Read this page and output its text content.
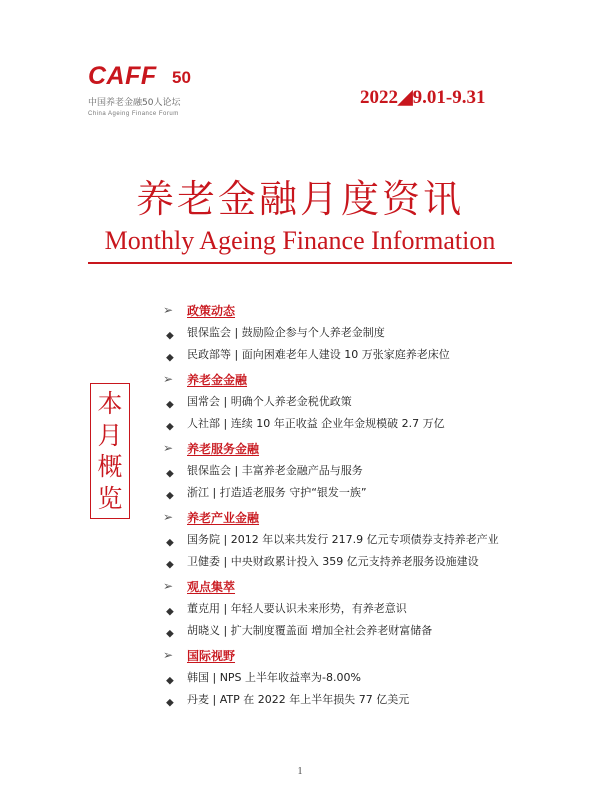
CAFF 50
中国养老金融50人论坛
China Ageing Finance Forum
2022◢9.01-9.31
养老金融月度资讯
Monthly Ageing Finance Information
本
月
概
览
➢	政策动态
◆ 银保监会 | 鼓励险企参与个人养老金制度
◆ 民政部等 | 面向困难老年人建设 10 万张家庭养老床位
➢	养老金金融
◆ 国常会 | 明确个人养老金税优政策
◆ 人社部 | 连续 10 年正收益 企业年金规模破 2.7 万亿
➢	养老服务金融
◆ 银保监会 | 丰富养老金融产品与服务
◆ 浙江 | 打造适老服务 守护“银发一族”
➢	养老产业金融
◆ 国务院 | 2012 年以来共发行 217.9 亿元专项债券支持养老产业
◆ 卫健委 | 中央财政累计投入 359 亿元支持养老服务设施建设
➢	观点集萃
◆ 董克用 | 年轻人要认识未来形势，有养老意识
◆ 胡晓义 | 扩大制度覆盖面 增加全社会养老财富储备
➢	国际视野
◆ 韩国 | NPS 上半年收益率为-8.00%
◆ 丹麦 | ATP 在 2022 年上半年损失 77 亿美元
1
